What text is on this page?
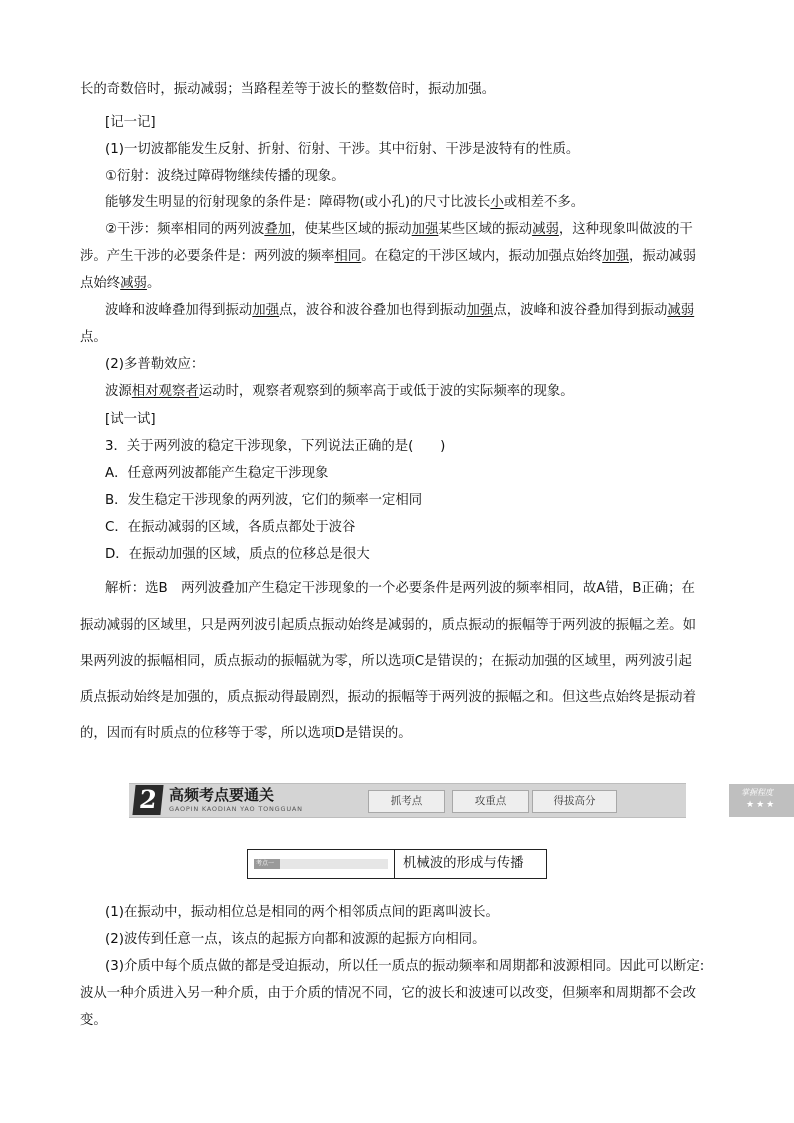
长的奇数倍时，振动减弱；当路程差等于波长的整数倍时，振动加强。
[记一记]
(1)一切波都能发生反射、折射、衍射、干涉。其中衍射、干涉是波特有的性质。
①衍射：波绕过障碍物继续传播的现象。
能够发生明显的衍射现象的条件是：障碍物(或小孔)的尺寸比波长小或相差不多。
②干涉：频率相同的两列波叠加，使某些区域的振动加强某些区域的振动减弱，这种现象叫做波的干
涉。产生干涉的必要条件是：两列波的频率相同。在稳定的干涉区域内，振动加强点始终加强，振动减弱
点始终减弱。
波峰和波峰叠加得到振动加强点，波谷和波谷叠加也得到振动加强点，波峰和波谷叠加得到振动减弱
点。
(2)多普勒效应：
波源相对观察者运动时，观察者观察到的频率高于或低于波的实际频率的现象。
[试一试]
3．关于两列波的稳定干涉现象，下列说法正确的是(　　)
A．任意两列波都能产生稳定干涉现象
B．发生稳定干涉现象的两列波，它们的频率一定相同
C．在振动减弱的区域，各质点都处于波谷
D．在振动加强的区域，质点的位移总是很大
解析：选B　两列波叠加产生稳定干涉现象的一个必要条件是两列波的频率相同，故A错，B正确；在
振动减弱的区域里，只是两列波引起质点振动始终是减弱的，质点振动的振幅等于两列波的振幅之差。如
果两列波的振幅相同，质点振动的振幅就为零，所以选项C是错误的；在振动加强的区域里，两列波引起
质点振动始终是加强的，质点振动得最剧烈，振动的振幅等于两列波的振幅之和。但这些点始终是振动着
的，因而有时质点的位移等于零，所以选项D是错误的。
2 高频考点要通关
GAOPIN KAODIAN YAO TONGGUAN
抓考点	攻重点	得拔高分
掌握程度
★★★
考点一	机械波的形成与传播
(1)在振动中，振动相位总是相同的两个相邻质点间的距离叫波长。
(2)波传到任意一点，该点的起振方向都和波源的起振方向相同。
(3)介质中每个质点做的都是受迫振动，所以任一质点的振动频率和周期都和波源相同。因此可以断定:
波从一种介质进入另一种介质，由于介质的情况不同，它的波长和波速可以改变，但频率和周期都不会改
变。
